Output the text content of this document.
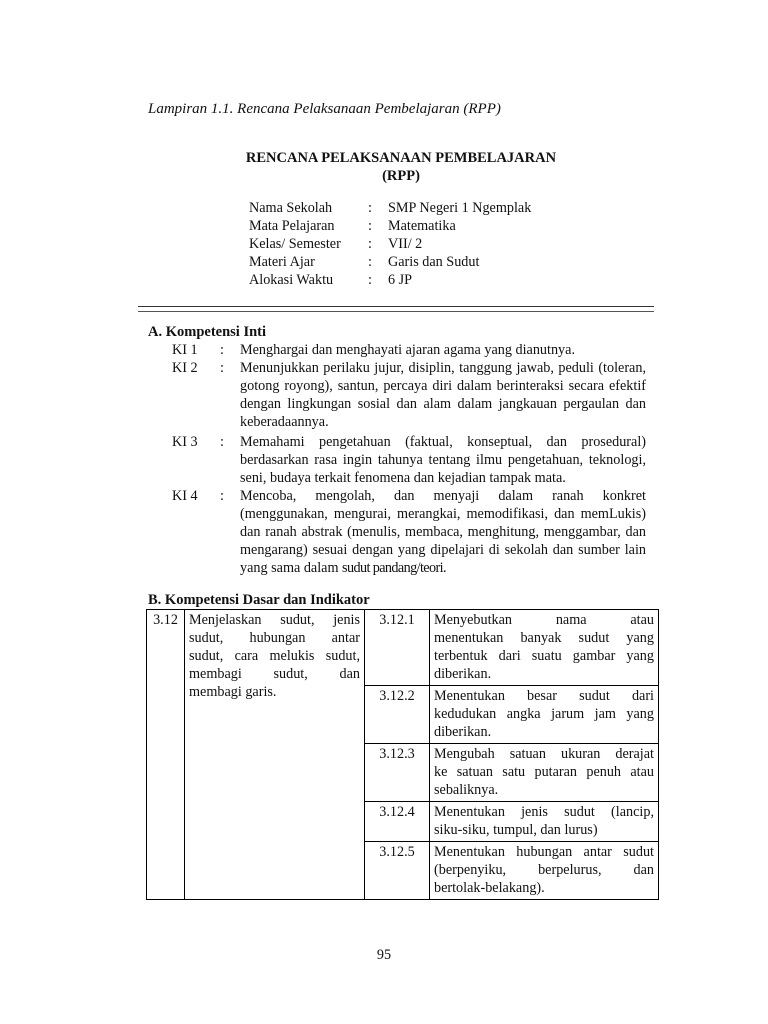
Lampiran 1.1. Rencana Pelaksanaan Pembelajaran (RPP)
RENCANA PELAKSANAAN PEMBELAJARAN
(RPP)
Nama Sekolah	:	SMP Negeri 1 Ngemplak
Mata Pelajaran	:	Matematika
Kelas/ Semester	:	VII/ 2
Materi Ajar	:	Garis dan Sudut
Alokasi Waktu	:	6 JP
A. Kompetensi Inti
KI 1	:	Menghargai dan menghayati ajaran agama yang dianutnya.
KI 2	:	Menunjukkan perilaku jujur, disiplin, tanggung jawab, peduli (toleran,
gotong royong), santun, percaya diri dalam berinteraksi secara efektif
dengan lingkungan sosial dan alam dalam jangkauan pergaulan dan
keberadaannya.
KI 3	:	Memahami pengetahuan (faktual, konseptual, dan prosedural)
berdasarkan rasa ingin tahunya tentang ilmu pengetahuan, teknologi,
seni, budaya terkait fenomena dan kejadian tampak mata.
KI 4	:	Mencoba, mengolah, dan menyaji dalam ranah konkret
(menggunakan, mengurai, merangkai, memodifikasi, dan memLukis)
dan ranah abstrak (menulis, membaca, menghitung, menggambar, dan
mengarang) sesuai dengan yang dipelajari di sekolah dan sumber lain
yang sama dalam sudut pandang/teori.
B. Kompetensi Dasar dan Indikator
3.12	Menjelaskan sudut, jenis
sudut, hubungan antar
sudut, cara melukis sudut,
membagi sudut, dan
membagi garis.	3.12.1	Menyebutkan nama atau
menentukan banyak sudut yang
terbentuk dari suatu gambar yang
diberikan.

		3.12.2	Menentukan besar sudut dari
kedudukan angka jarum jam yang
diberikan.

		3.12.3	Mengubah satuan ukuran derajat
ke satuan satu putaran penuh atau
sebaliknya.

		3.12.4	Menentukan jenis sudut (lancip,
siku-siku, tumpul, dan lurus)

		3.12.5	Menentukan hubungan antar sudut
(berpenyiku, berpelurus, dan
bertolak-belakang).
95
